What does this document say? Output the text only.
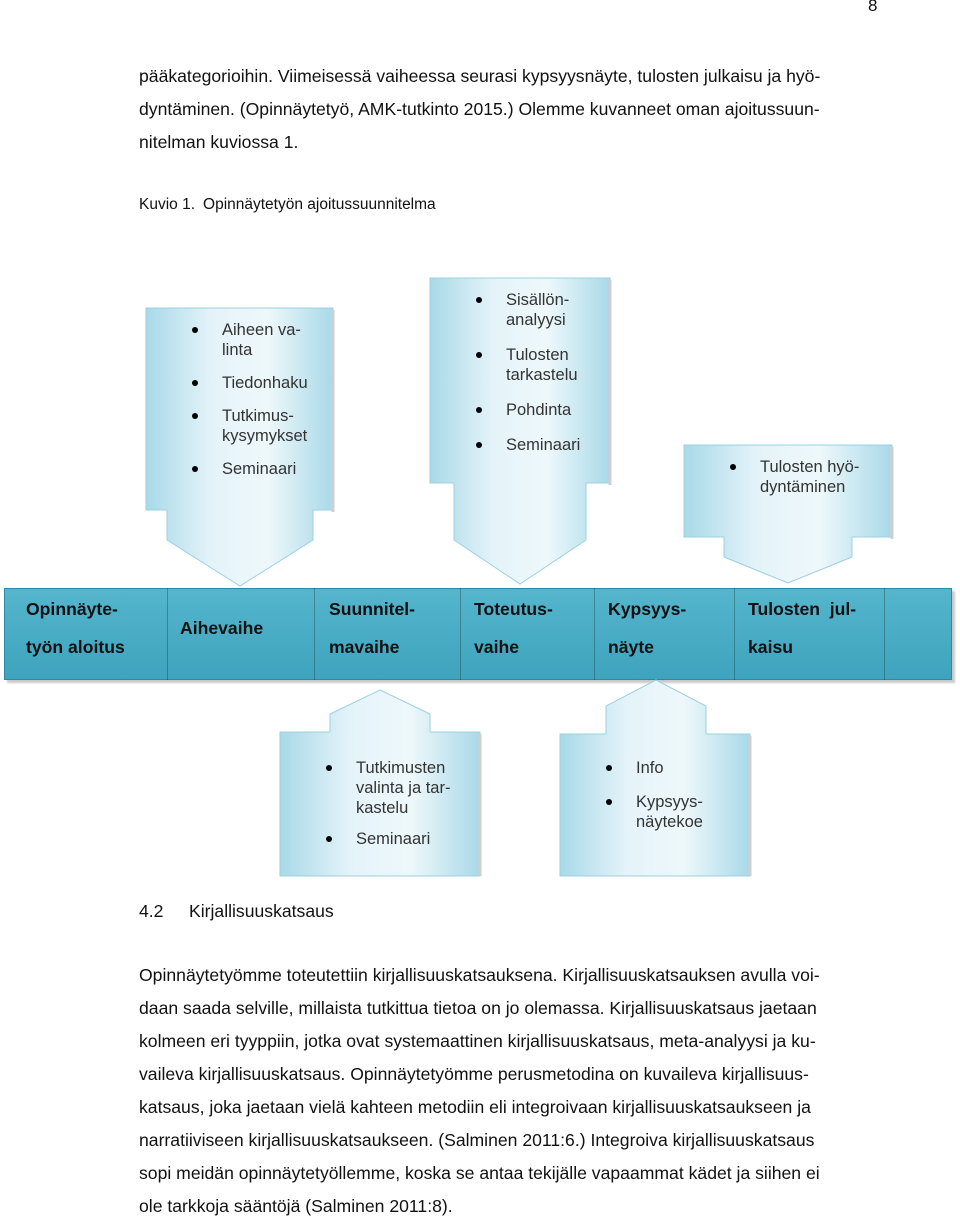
8

pääkategorioihin. Viimeisessä vaiheessa seurasi kypsyysnäyte, tulosten julkaisu ja hyö-
dyntäminen. (Opinnäytetyö, AMK-tutkinto 2015.) Olemme kuvanneet oman ajoitussuun-
nitelman kuviossa 1.

Kuvio 1. Opinnäytetyön ajoitussuunnitelma
Aiheen va-
linta
Tiedonhaku
Tutkimus-
kysymykset
Seminaari
Sisällön-
analyysi
Tulosten
tarkastelu
Pohdinta
Seminaari
Tulosten hyö-
dyntäminen
Opinnäyte-
työn aloitus
Aihevaihe
Suunnitel-
mavaihe
Toteutus-
vaihe
Kypsyys-
näyte
Tulosten  jul-
kaisu
Tutkimusten
valinta ja tar-
kastelu
Seminaari
Info
Kypsyys-
näytekoe
4.2 Kirjallisuuskatsaus

Opinnäytetyömme toteutettiin kirjallisuuskatsauksena. Kirjallisuuskatsauksen avulla voi-
daan saada selville, millaista tutkittua tietoa on jo olemassa. Kirjallisuuskatsaus jaetaan
kolmeen eri tyyppiin, jotka ovat systemaattinen kirjallisuuskatsaus, meta-analyysi ja ku-
vaileva kirjallisuuskatsaus. Opinnäytetyömme perusmetodina on kuvaileva kirjallisuus-
katsaus, joka jaetaan vielä kahteen metodiin eli integroivaan kirjallisuuskatsaukseen ja
narratiiviseen kirjallisuuskatsaukseen. (Salminen 2011:6.) Integroiva kirjallisuuskatsaus
sopi meidän opinnäytetyöllemme, koska se antaa tekijälle vapaammat kädet ja siihen ei
ole tarkkoja sääntöjä (Salminen 2011:8).
